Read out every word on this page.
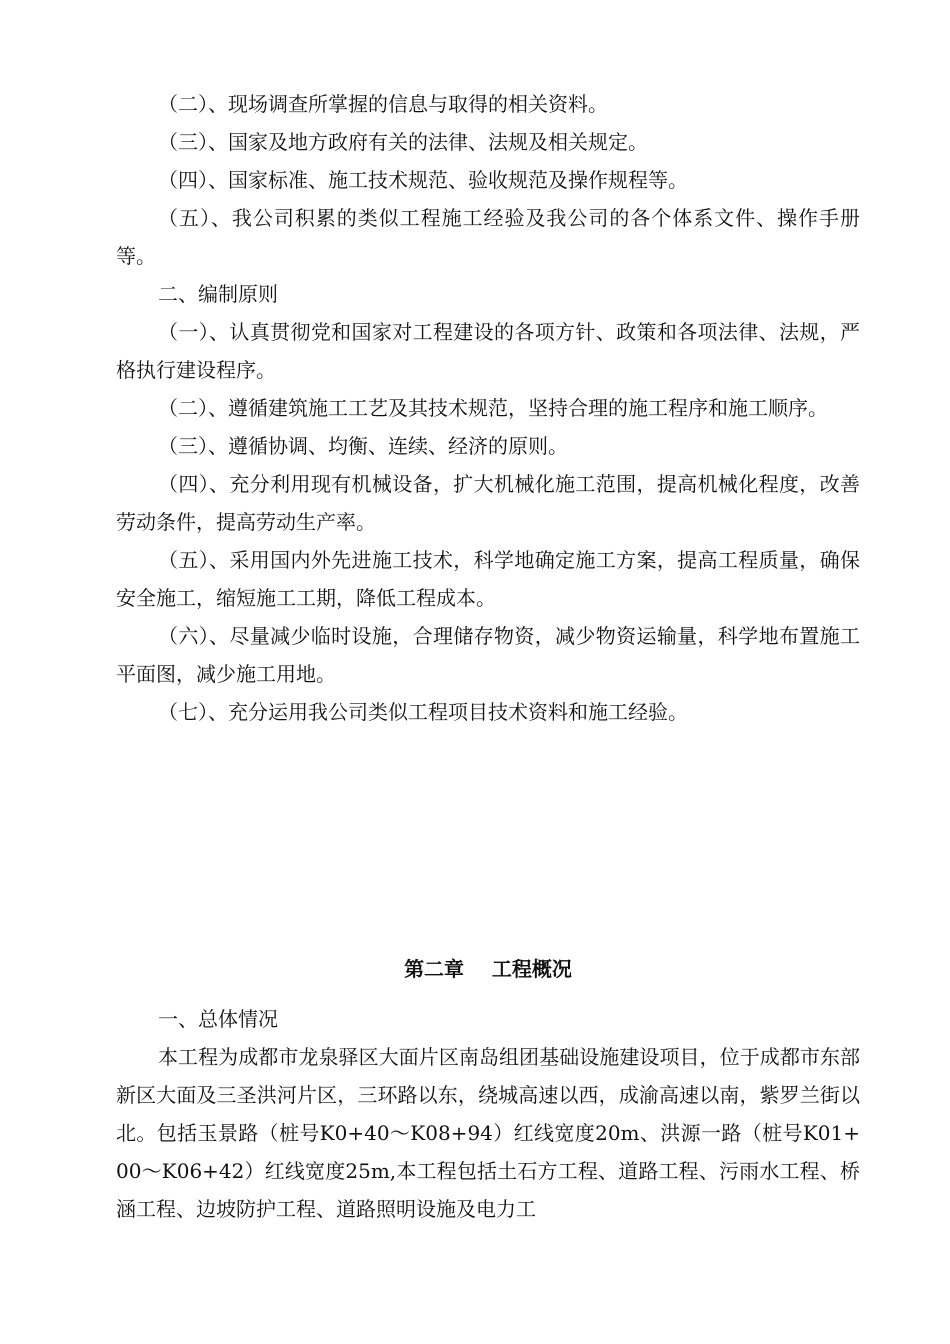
（二）、现场调查所掌握的信息与取得的相关资料。

（三）、国家及地方政府有关的法律、法规及相关规定。

（四）、国家标准、施工技术规范、验收规范及操作规程等。

（五）、我公司积累的类似工程施工经验及我公司的各个体系文件、操作手册等。

二、编制原则

（一）、认真贯彻党和国家对工程建设的各项方针、政策和各项法律、法规，严格执行建设程序。

（二）、遵循建筑施工工艺及其技术规范，坚持合理的施工程序和施工顺序。

（三）、遵循协调、均衡、连续、经济的原则。

（四）、充分利用现有机械设备，扩大机械化施工范围，提高机械化程度，改善劳动条件，提高劳动生产率。

（五）、采用国内外先进施工技术，科学地确定施工方案，提高工程质量，确保安全施工，缩短施工工期，降低工程成本。

（六）、尽量减少临时设施，合理储存物资，减少物资运输量，科学地布置施工平面图，减少施工用地。

（七）、充分运用我公司类似工程项目技术资料和施工经验。

第二章    工程概况

一、总体情况

本工程为成都市龙泉驿区大面片区南岛组团基础设施建设项目，位于成都市东部新区大面及三圣洪河片区，三环路以东，绕城高速以西，成渝高速以南，紫罗兰街以北。包括玉景路（桩号K0+40～K08+94）红线宽度20m、洪源一路（桩号K01+00～K06+42）红线宽度25m,本工程包括土石方工程、道路工程、污雨水工程、桥涵工程、边坡防护工程、道路照明设施及电力工
